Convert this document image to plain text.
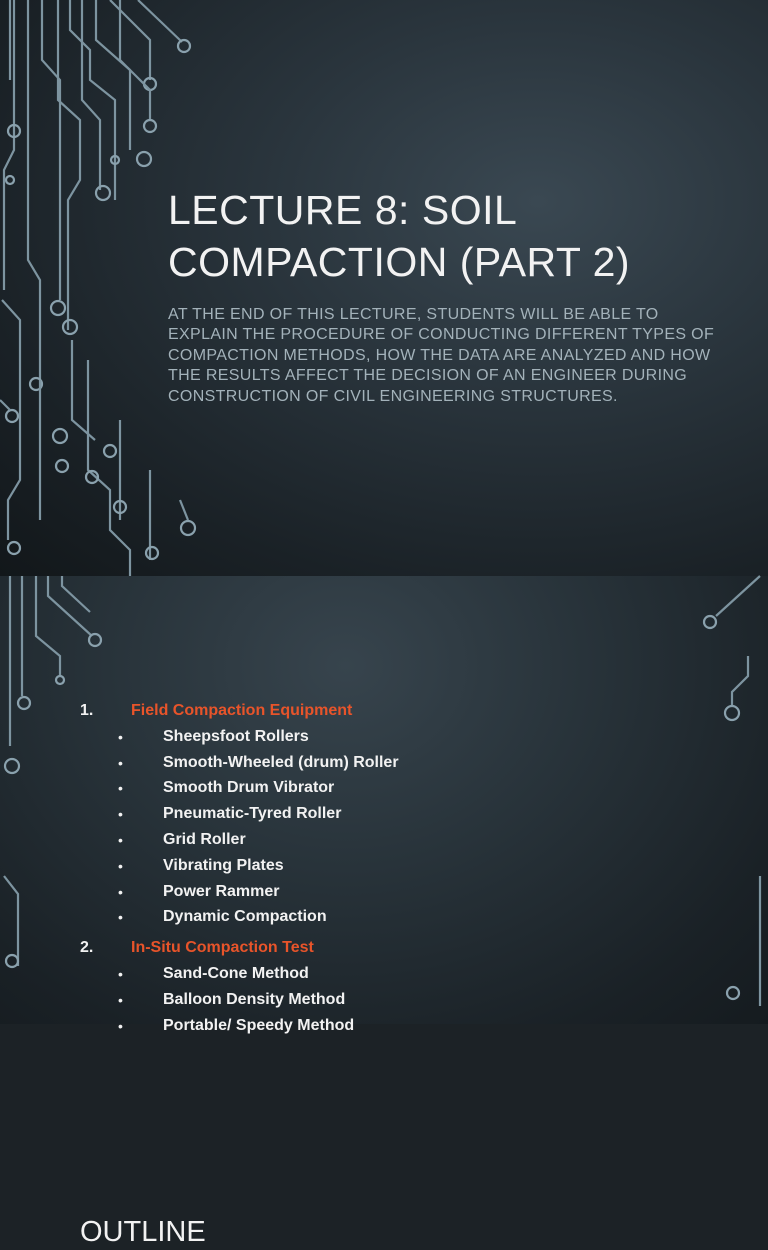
LECTURE 8: SOIL
COMPACTION (PART 2)

AT THE END OF THIS LECTURE, STUDENTS WILL BE ABLE TO EXPLAIN THE PROCEDURE OF CONDUCTING DIFFERENT TYPES OF COMPACTION METHODS, HOW THE DATA ARE ANALYZED AND HOW THE RESULTS AFFECT THE DECISION OF AN ENGINEER DURING CONSTRUCTION OF CIVIL ENGINEERING STRUCTURES.

OUTLINE
1. Field Compaction Equipment
•	Sheepsfoot Rollers
•	Smooth-Wheeled (drum) Roller
•	Smooth Drum Vibrator
•	Pneumatic-Tyred Roller
•	Grid Roller
•	Vibrating Plates
•	Power Rammer
•	Dynamic Compaction
2. In-Situ Compaction Test
•	Sand-Cone Method
•	Balloon Density Method
•	Portable/ Speedy Method
